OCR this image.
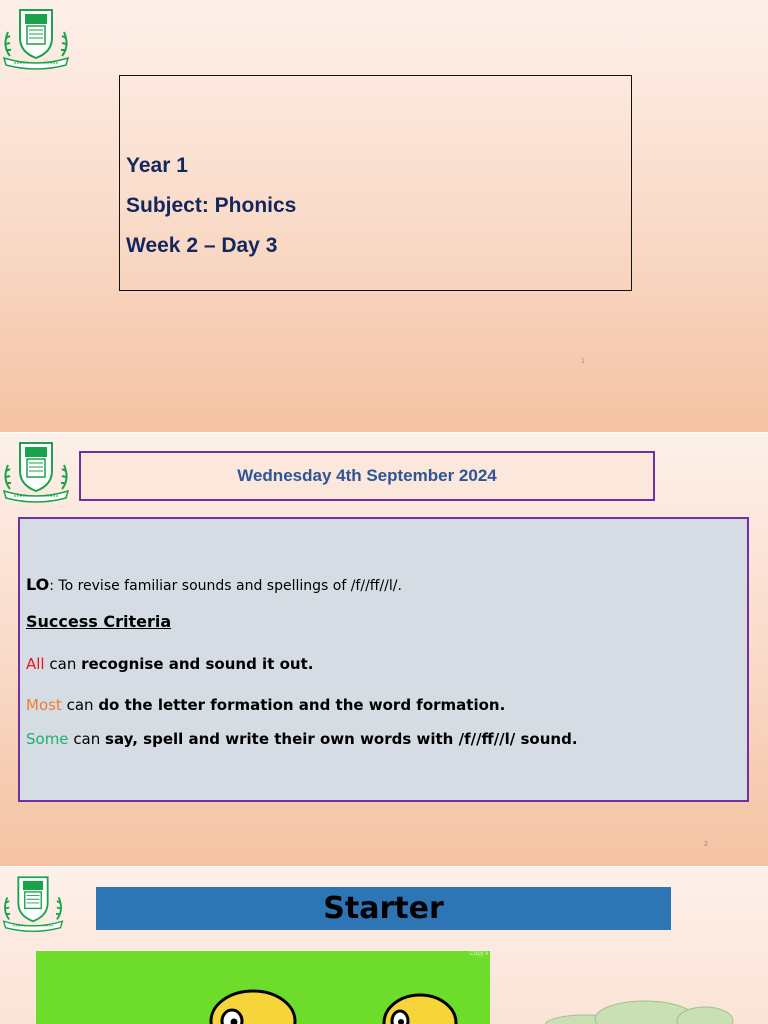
Year 1
Subject: Phonics
Week 2 – Day 3
1
Wednesday 4th September 2024
LO: To revise familiar sounds and spellings of /f//ff//l/.
Success Criteria
All can recognise and sound it out.
Most can do the letter formation and the word formation.
Some can say, spell and write their own words with /f//ff//l/ sound.
2
Starter
Copy li
